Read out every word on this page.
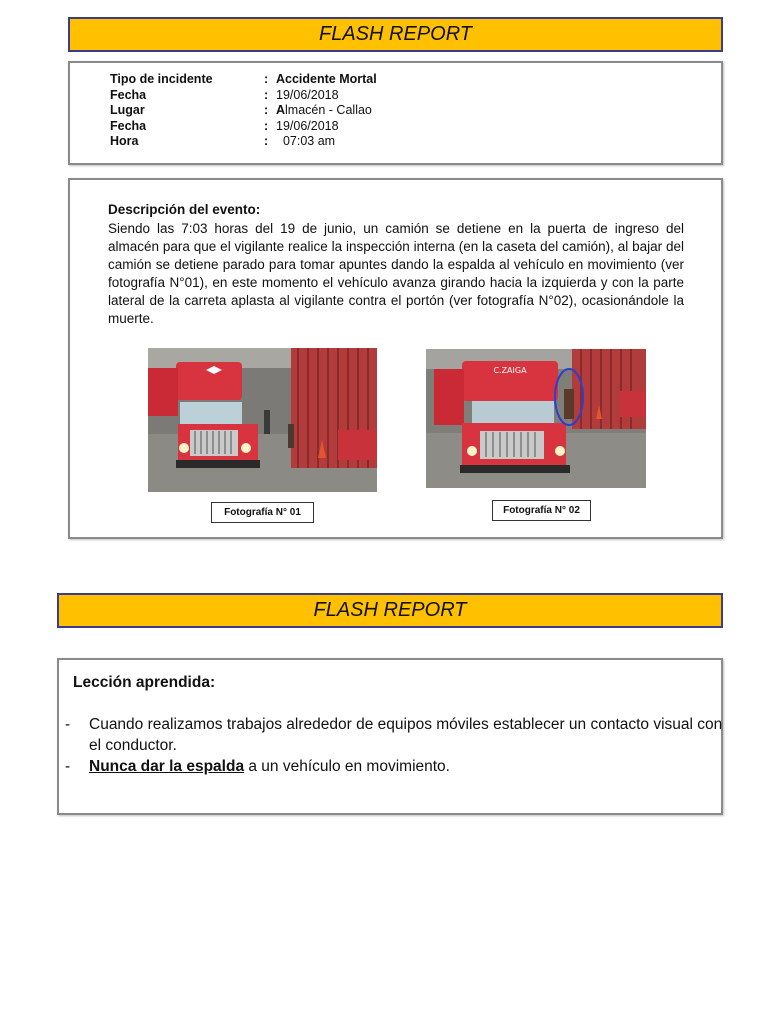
FLASH REPORT
Tipo de incidente	: Accidente Mortal
Fecha	: 19/06/2018
Lugar	: Almacén - Callao
Fecha	: 19/06/2018
Hora	: 07:03 am
Descripción del evento:
Siendo las 7:03 horas del 19 de junio, un camión se detiene en la puerta de ingreso del almacén para que el vigilante realice la inspección interna (en la caseta del camión), al bajar del camión se detiene parado para tomar apuntes dando la espalda al vehículo en movimiento (ver fotografía N°01), en este momento el vehículo avanza girando hacia la izquierda y con la parte lateral de la carreta aplasta al vigilante contra el portón (ver fotografía N°02), ocasionándole la muerte.
Fotografía N° 01
C.ZAIGA
Fotografía N° 02
FLASH REPORT
Lección aprendida:
- Cuando realizamos trabajos alrededor de equipos móviles establecer un contacto visual con el conductor.
- Nunca dar la espalda a un vehículo en movimiento.
